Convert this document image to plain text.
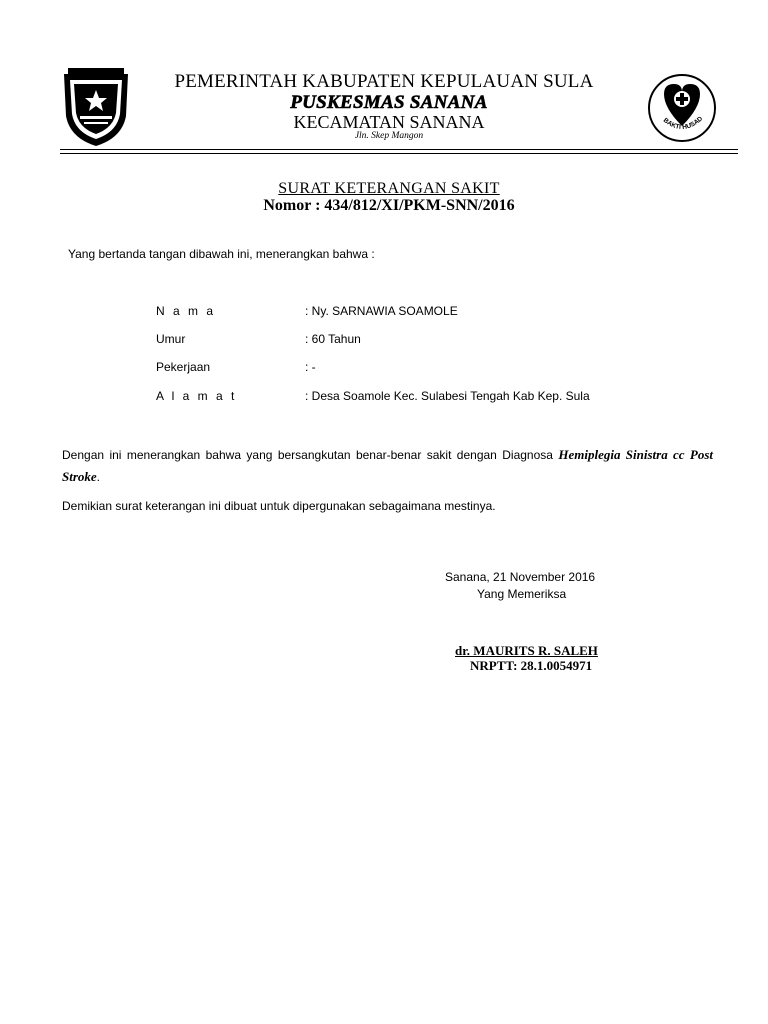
PEMERINTAH KABUPATEN KEPULAUAN SULA
PUSKESMAS SANANA
KECAMATAN SANANA
Jln. Skep Mangon
BAKTI HUSAD
SURAT KETERANGAN SAKIT
Nomor : 434/812/XI/PKM-SNN/2016
Yang bertanda tangan dibawah ini, menerangkan bahwa :
N a m a	: Ny. SARNAWIA SOAMOLE
Umur	: 60 Tahun
Pekerjaan	: -
A l a m a t	: Desa Soamole Kec. Sulabesi Tengah Kab Kep. Sula
Dengan ini menerangkan bahwa yang bersangkutan benar-benar sakit dengan Diagnosa Hemiplegia Sinistra cc Post Stroke.
Demikian surat keterangan ini dibuat untuk dipergunakan sebagaimana mestinya.
Sanana, 21 November 2016
Yang Memeriksa
dr. MAURITS R. SALEH
NRPTT: 28.1.0054971
